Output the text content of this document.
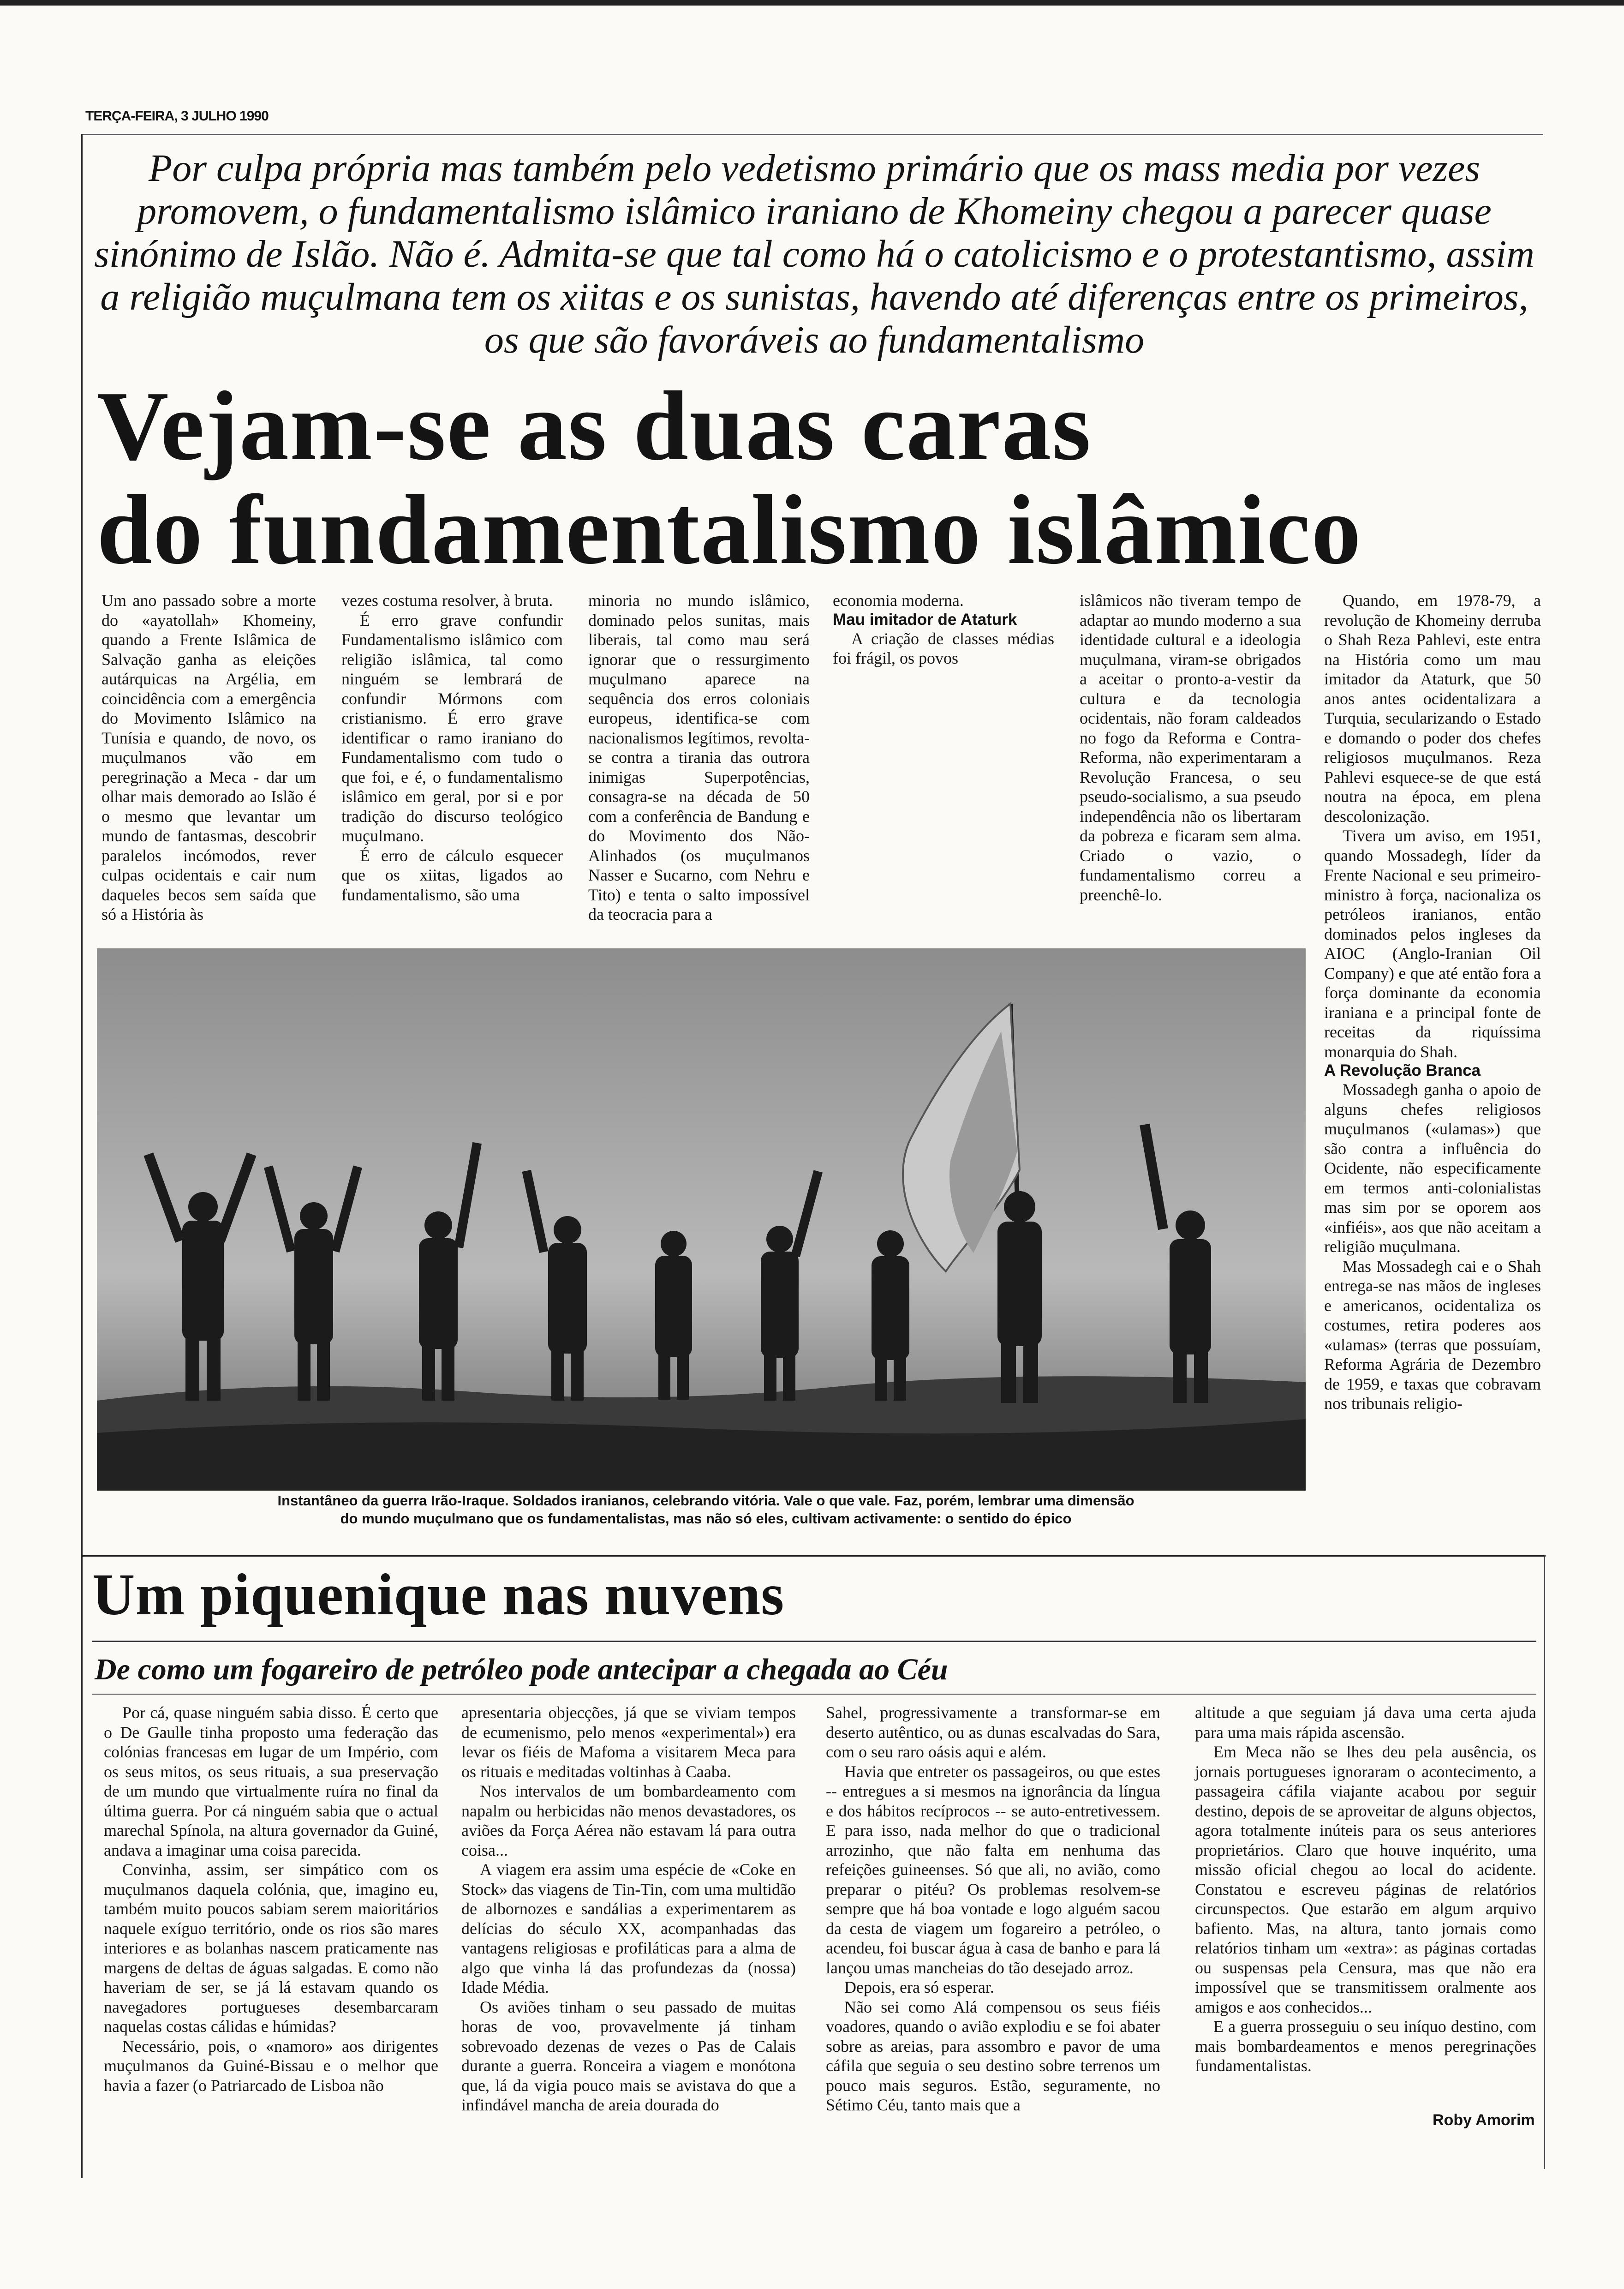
TERÇA-FEIRA, 3 JULHO 1990
Por culpa própria mas também pelo vedetismo primário que os mass media por vezes promovem, o fundamentalismo islâmico iraniano de Khomeiny chegou a parecer quase sinónimo de Islão. Não é. Admita-se que tal como há o catolicismo e o protestantismo, assim a religião muçulmana tem os xiitas e os sunistas, havendo até diferenças entre os primeiros, os que são favoráveis ao fundamentalismo
Vejam-se as duas caras
do fundamentalismo islâmico

Um ano passado sobre a morte do «ayatollah» Khomeiny, quando a Frente Islâmica de Salvação ganha as eleições autárquicas na Argélia, em coincidência com a emergência do Movimento Islâmico na Tunísia e quando, de novo, os muçulmanos vão em peregrinação a Meca - dar um olhar mais demorado ao Islão é o mesmo que levantar um mundo de fantasmas, descobrir paralelos incómodos, rever culpas ocidentais e cair num daqueles becos sem saída que só a História às

vezes costuma resolver, à bruta.

É erro grave confundir Fundamentalismo islâmico com religião islâmica, tal como ninguém se lembrará de confundir Mórmons com cristianismo. É erro grave identificar o ramo iraniano do Fundamentalismo com tudo o que foi, e é, o fundamentalismo islâmico em geral, por si e por tradição do discurso teológico muçulmano.

É erro de cálculo esquecer que os xiitas, ligados ao fundamentalismo, são uma

minoria no mundo islâmico, dominado pelos sunitas, mais liberais, tal como mau será ignorar que o ressurgimento muçulmano aparece na sequência dos erros coloniais europeus, identifica-se com nacionalismos legítimos, revolta-se contra a tirania das outrora inimigas Superpotências, consagra-se na década de 50 com a conferência de Bandung e do Movimento dos Não-Alinhados (os muçulmanos Nasser e Sucarno, com Nehru e Tito) e tenta o salto impossível da teocracia para a

economia moderna.

Mau imitador de Ataturk

A criação de classes médias foi frágil, os povos

islâmicos não tiveram tempo de adaptar ao mundo moderno a sua identidade cultural e a ideologia muçulmana, viram-se obrigados a aceitar o pronto-a-vestir da cultura e da tecnologia ocidentais, não foram caldeados no fogo da Reforma e Contra-Reforma, não experimentaram a Revolução Francesa, o seu pseudo-socialismo, a sua pseudo independência não os libertaram da pobreza e ficaram sem alma. Criado o vazio, o fundamentalismo correu a preenchê-lo.

Quando, em 1978-79, a revolução de Khomeiny derruba o Shah Reza Pahlevi, este entra na História como um mau imitador da Ataturk, que 50 anos antes ocidentalizara a Turquia, secularizando o Estado e domando o poder dos chefes religiosos muçulmanos. Reza Pahlevi esquece-se de que está noutra na época, em plena descolonização.

Tivera um aviso, em 1951, quando Mossadegh, líder da Frente Nacional e seu primeiro-ministro à força, nacionaliza os petróleos iranianos, então dominados pelos ingleses da AIOC (Anglo-Iranian Oil Company) e que até então fora a força dominante da economia iraniana e a principal fonte de receitas da riquíssima monarquia do Shah.

A Revolução Branca

Mossadegh ganha o apoio de alguns chefes religiosos muçulmanos («ulamas») que são contra a influência do Ocidente, não especificamente em termos anti-colonialistas mas sim por se oporem aos «infiéis», aos que não aceitam a religião muçulmana.

Mas Mossadegh cai e o Shah entrega-se nas mãos de ingleses e americanos, ocidentaliza os costumes, retira poderes aos «ulamas» (terras que possuíam, Reforma Agrária de Dezembro de 1959, e taxas que cobravam nos tribunais religio-

Instantâneo da guerra Irão-Iraque. Soldados iranianos, celebrando vitória. Vale o que vale. Faz, porém, lembrar uma dimensão
do mundo muçulmano que os fundamentalistas, mas não só eles, cultivam activamente: o sentido do épico
Um piquenique nas nuvens
De como um fogareiro de petróleo pode antecipar a chegada ao Céu

Por cá, quase ninguém sabia disso. É certo que o De Gaulle tinha proposto uma federação das colónias francesas em lugar de um Império, com os seus mitos, os seus rituais, a sua preservação de um mundo que virtualmente ruíra no final da última guerra. Por cá ninguém sabia que o actual marechal Spínola, na altura governador da Guiné, andava a imaginar uma coisa parecida.

Convinha, assim, ser simpático com os muçulmanos daquela colónia, que, imagino eu, também muito poucos sabiam serem maioritários naquele exíguo território, onde os rios são mares interiores e as bolanhas nascem praticamente nas margens de deltas de águas salgadas. E como não haveriam de ser, se já lá estavam quando os navegadores portugueses desembarcaram naquelas costas cálidas e húmidas?

Necessário, pois, o «namoro» aos dirigentes muçulmanos da Guiné-Bissau e o melhor que havia a fazer (o Patriarcado de Lisboa não

apresentaria objecções, já que se viviam tempos de ecumenismo, pelo menos «experimental») era levar os fiéis de Mafoma a visitarem Meca para os rituais e meditadas voltinhas à Caaba.

Nos intervalos de um bombardeamento com napalm ou herbicidas não menos devastadores, os aviões da Força Aérea não estavam lá para outra coisa...

A viagem era assim uma espécie de «Coke en Stock» das viagens de Tin-Tin, com uma multidão de albornozes e sandálias a experimentarem as delícias do século XX, acompanhadas das vantagens religiosas e profiláticas para a alma de algo que vinha lá das profundezas da (nossa) Idade Média.

Os aviões tinham o seu passado de muitas horas de voo, provavelmente já tinham sobrevoado dezenas de vezes o Pas de Calais durante a guerra. Ronceira a viagem e monótona que, lá da vigia pouco mais se avistava do que a infindável mancha de areia dourada do

Sahel, progressivamente a transformar-se em deserto autêntico, ou as dunas escalvadas do Sara, com o seu raro oásis aqui e além.

Havia que entreter os passageiros, ou que estes -- entregues a si mesmos na ignorância da língua e dos hábitos recíprocos -- se auto-entretivessem. E para isso, nada melhor do que o tradicional arrozinho, que não falta em nenhuma das refeições guineenses. Só que ali, no avião, como preparar o pitéu? Os problemas resolvem-se sempre que há boa vontade e logo alguém sacou da cesta de viagem um fogareiro a petróleo, o acendeu, foi buscar água à casa de banho e para lá lançou umas mancheias do tão desejado arroz.

Depois, era só esperar.

Não sei como Alá compensou os seus fiéis voadores, quando o avião explodiu e se foi abater sobre as areias, para assombro e pavor de uma cáfila que seguia o seu destino sobre terrenos um pouco mais seguros. Estão, seguramente, no Sétimo Céu, tanto mais que a

altitude a que seguiam já dava uma certa ajuda para uma mais rápida ascensão.

Em Meca não se lhes deu pela ausência, os jornais portugueses ignoraram o acontecimento, a passageira cáfila viajante acabou por seguir destino, depois de se aproveitar de alguns objectos, agora totalmente inúteis para os seus anteriores proprietários. Claro que houve inquérito, uma missão oficial chegou ao local do acidente. Constatou e escreveu páginas de relatórios circunspectos. Que estarão em algum arquivo bafiento. Mas, na altura, tanto jornais como relatórios tinham um «extra»: as páginas cortadas ou suspensas pela Censura, mas que não era impossível que se transmitissem oralmente aos amigos e aos conhecidos...

E a guerra prosseguiu o seu iníquo destino, com mais bombardeamentos e menos peregrinações fundamentalistas.

Roby Amorim
